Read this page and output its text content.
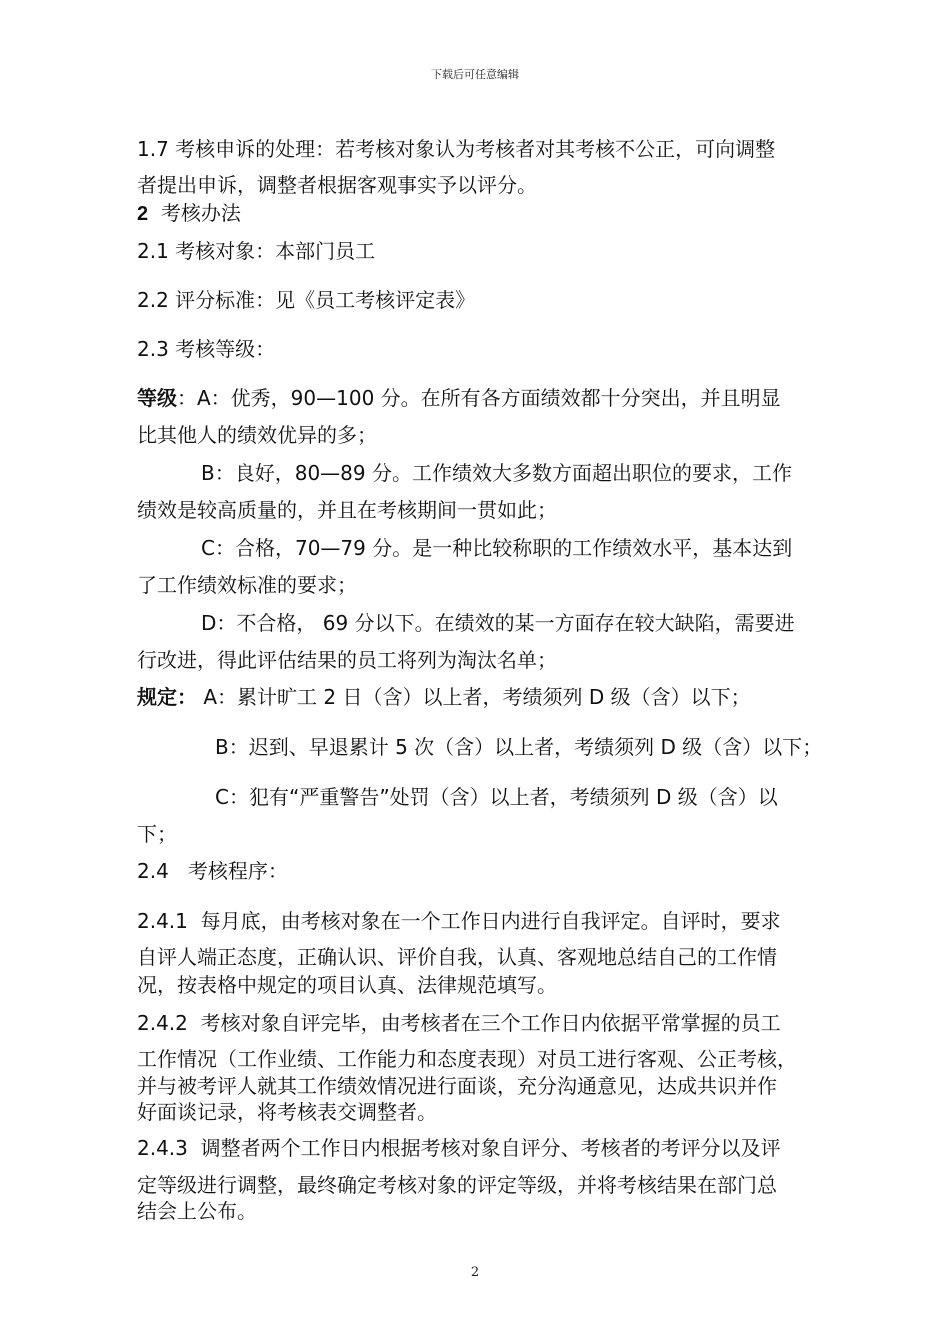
下载后可任意编辑
1.7 考核申诉的处理：若考核对象认为考核者对其考核不公正，可向调整
者提出申诉，调整者根据客观事实予以评分。
2  考核办法
2.1 考核对象：本部门员工
2.2 评分标准：见《员工考核评定表》
2.3 考核等级：
等级：A：优秀，90—100 分。在所有各方面绩效都十分突出，并且明显
比其他人的绩效优异的多；
B：良好，80—89 分。工作绩效大多数方面超出职位的要求，工作
绩效是较高质量的，并且在考核期间一贯如此；
C：合格，70—79 分。是一种比较称职的工作绩效水平，基本达到
了工作绩效标准的要求；
D：不合格， 69 分以下。在绩效的某一方面存在较大缺陷，需要进
行改进，得此评估结果的员工将列为淘汰名单；
规定： A：累计旷工 2 日（含）以上者，考绩须列 D 级（含）以下；
B：迟到、早退累计 5 次（含）以上者，考绩须列 D 级（含）以下；
C：犯有“严重警告”处罚（含）以上者，考绩须列 D 级（含）以
下；
2.4   考核程序：
2.4.1  每月底，由考核对象在一个工作日内进行自我评定。自评时，要求
自评人端正态度，正确认识、评价自我，认真、客观地总结自己的工作情
况，按表格中规定的项目认真、法律规范填写。
2.4.2  考核对象自评完毕，由考核者在三个工作日内依据平常掌握的员工
工作情况（工作业绩、工作能力和态度表现）对员工进行客观、公正考核，
并与被考评人就其工作绩效情况进行面谈，充分沟通意见，达成共识并作
好面谈记录，将考核表交调整者。
2.4.3  调整者两个工作日内根据考核对象自评分、考核者的考评分以及评
定等级进行调整，最终确定考核对象的评定等级，并将考核结果在部门总
结会上公布。
2
